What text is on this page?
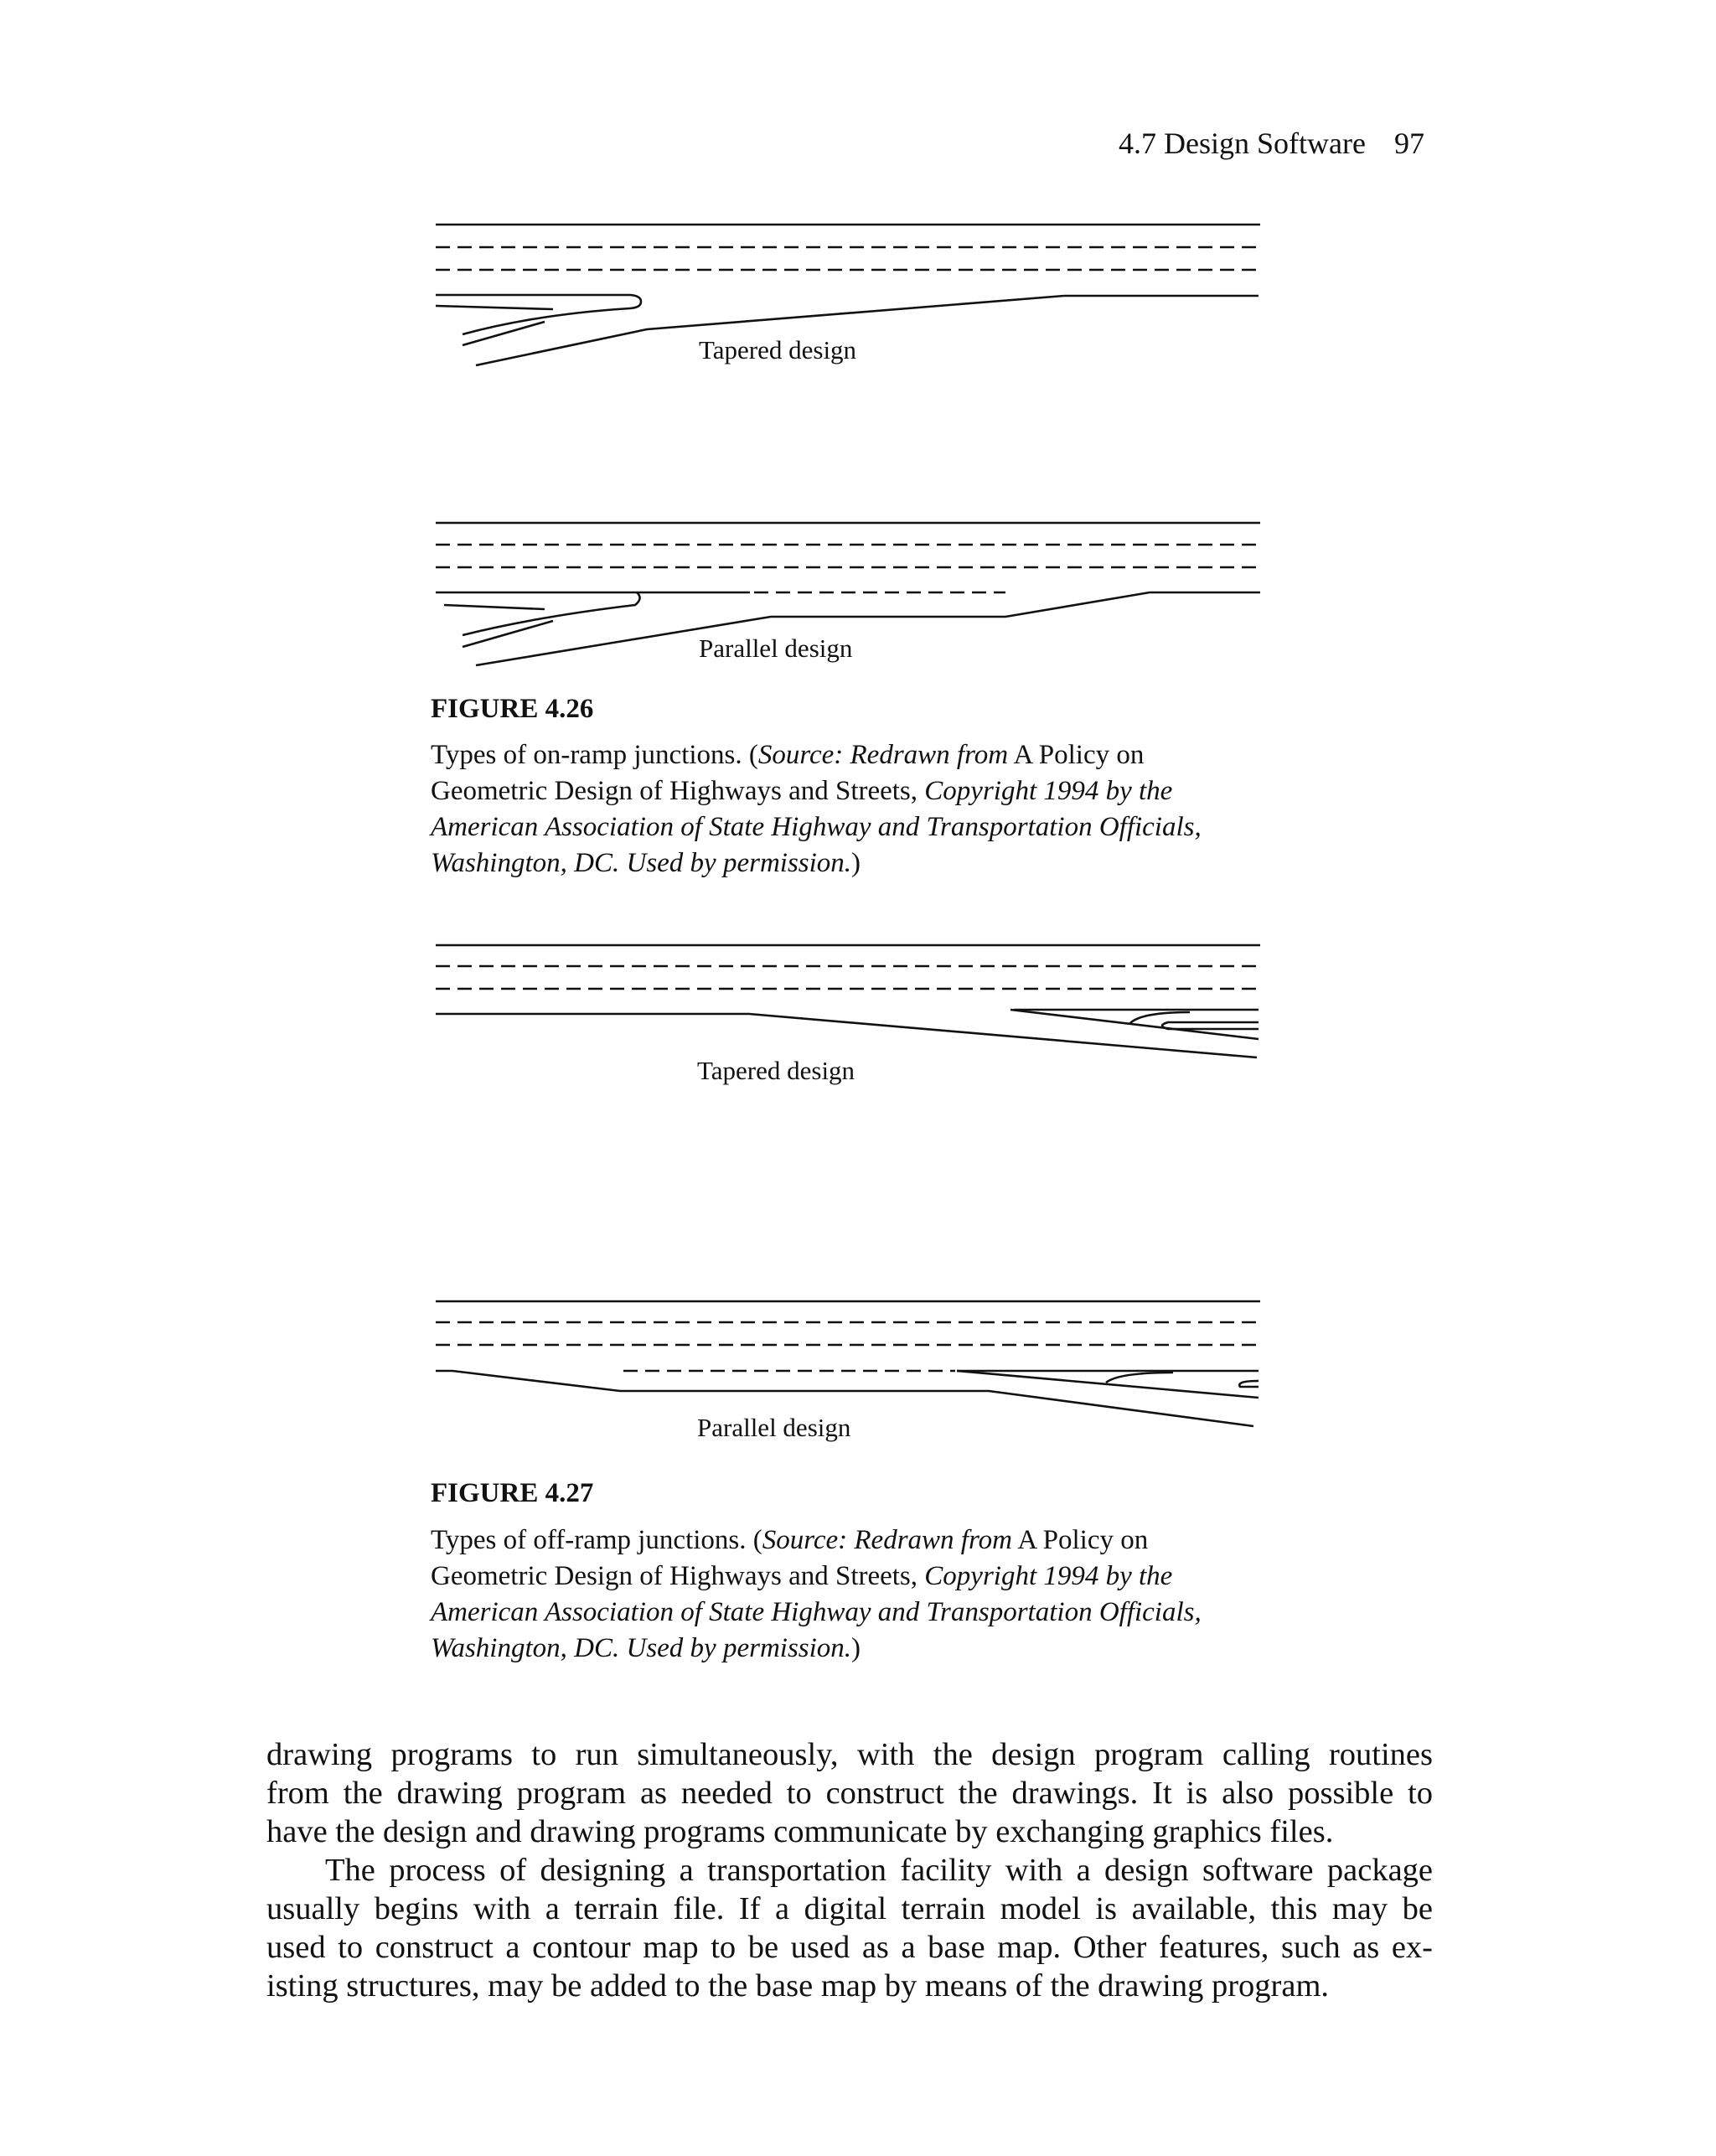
4.7 Design Software 97
Tapered design
Parallel design
FIGURE 4.26

Types of on-ramp junctions. (Source: Redrawn from A Policy on

Geometric Design of Highways and Streets, Copyright 1994 by the

American Association of State Highway and Transportation Officials,

Washington, DC. Used by permission.)

Tapered design
Parallel design
FIGURE 4.27

Types of off-ramp junctions. (Source: Redrawn from A Policy on

Geometric Design of Highways and Streets, Copyright 1994 by the

American Association of State Highway and Transportation Officials,

Washington, DC. Used by permission.)

drawing programs to run simultaneously, with the design program calling routines
from the drawing program as needed to construct the drawings. It is also possible to
have the design and drawing programs communicate by exchanging graphics files.

The process of designing a transportation facility with a design software package
usually begins with a terrain file. If a digital terrain model is available, this may be
used to construct a contour map to be used as a base map. Other features, such as ex-
isting structures, may be added to the base map by means of the drawing program.
